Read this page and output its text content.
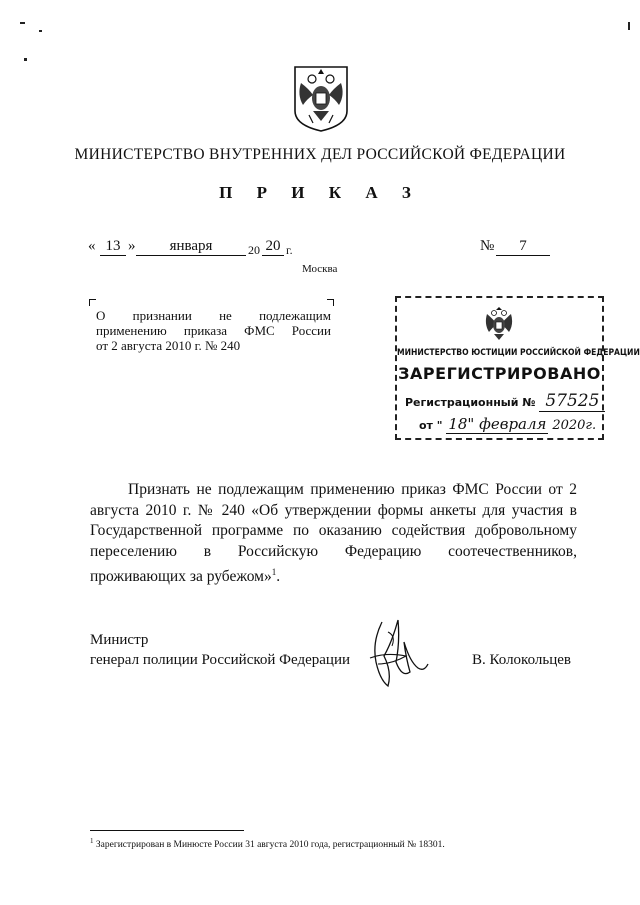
МИНИСТЕРСТВО ВНУТРЕННИХ ДЕЛ РОССИЙСКОЙ ФЕДЕРАЦИИ
П Р И К А З
« 13 »	января	20 20 г.	№	7
Москва
О признании не подлежащим
применению приказа ФМС России
от 2 августа 2010 г. № 240	МИНИСТЕРСТВО ЮСТИЦИИ РОССИЙСКОЙ ФЕДЕРАЦИИ
ЗАРЕГИСТРИРОВАНО
Регистрационный № 57525
от " 18" февраля 2020г.
Признать не подлежащим применению приказ ФМС России от 2 августа 2010 г. № 240 «Об утверждении формы анкеты для участия в Государственной программе по оказанию содействия добровольному переселению в Российскую Федерацию соотечественников, проживающих за рубежом»$^1$.
Министр
генерал полиции Российской Федерации	В. Колокольцев
$^1$ Зарегистрирован в Минюсте России 31 августа 2010 года, регистрационный № 18301.
